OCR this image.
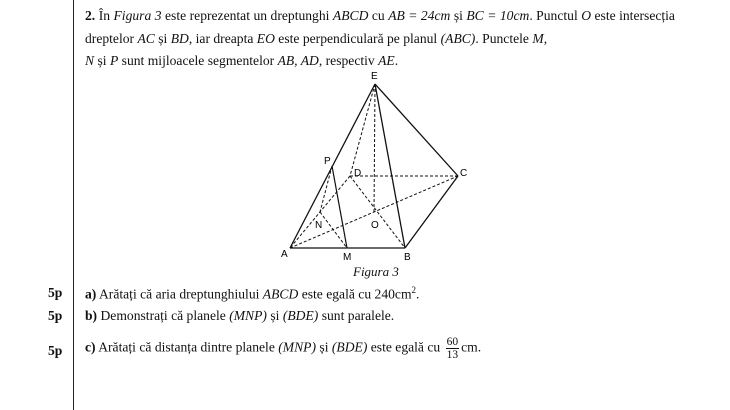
2. În Figura 3 este reprezentat un dreptunghi ABCD cu AB = 24cm și BC = 10cm. Punctul O este intersecția dreptelor AC și BD, iar dreapta EO este perpendiculară pe planul (ABC). Punctele M,
N și P sunt mijloacele segmentelor AB, AD, respectiv AE.
E
P
D	C
N	O
A	M	B
Figura 3
5p a) Arătați că aria dreptunghiului ABCD este egală cu $240cm^2$.
5p b) Demonstrați că planele (MNP) și (BDE) sunt paralele.
5p c) Arătați că distanța dintre planele (MNP) și (BDE) este egală cu $\frac{60}{13}$ cm.
